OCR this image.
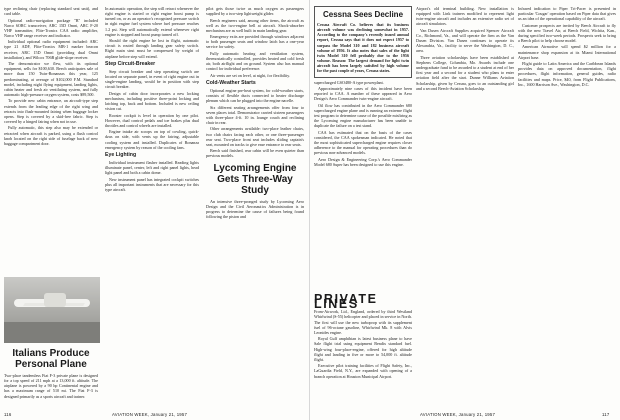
type reclining chair (replacing standard seat unit), and card table.

Optional radio-navigation package "B" included Narco 6ORC transceiver, ARC 15D Omni, ARC F-20 VHF transmitter, Flite-Tronics CAA radio amplifier, Narco VHF range receiver and indicator.

Individual optional radio equipment included: ARC type 21 ADF, Flite-Tronics MB-1 marker beacon receiver, ARC 15D Omni (providing dual Omni installation), and Wilcox 706B glide-slope receiver.

The demonstrator we flew, with its optional equipment, sells for $100,630. Beech anticipates sale of more than 150 Twin-Bonanzas this year, 125 predominating, at average of $102,000 F.M. Standard model, including night flying equipment, landing lights, cabin heater and fresh air ventilating system, and fully automatic high-pressure oxygen system, costs $89,500.

To provide new cabin entrance, an aircraft-type step extends from the leading edge of the right wing and retracts into flush-mounted fairing when baggage locker opens. Step is covered by a skid-free fabric. Step is covered by a hinged fairing when not in use.

Fully automatic, this step also may be extended or retracted when aircraft is parked, using a flush control knob located on the right side of fuselage back of new baggage compartment door.

Italians Produce Personal Plane

Two-place tandemless Fiat F-3 private plane is designed for a top speed of 211 mph at a 13,000 ft. altitude. The airplane is powered by a 90 hp Continental engine and has a maximum range of 510 mi. The Fiat F-3 is designed primarily as a sports aircraft and trainer.

In automatic operation, the step will retract whenever the right engine is started or right engine boost pump is turned on, or as an operator's recognized pressure switch in right engine fuel system where fuel pressure reaches 1.2 psi. Step will automatically extend whenever right engine is stopped and boost pump turned off.

Should the right engine be lost in flight, automatic circuit is routed through landing gear safety switch. Right main strut must be compressed by weight of airplane before step will extend.

Step Circuit-Breaker

Step circuit breaker and step operating switch are located on separate panel, in event of right engine out in single-engine landing, would be in position with step circuit breaker.

Design of cabin door incorporates a new locking mechanism, including positive three-point locking and latching top, back and bottom. Included is new ceiling vision cut.

Rooster cockpit is level in operation by one pilot. However, dual control pedals and toe brakes plus dual throttles and control wheels are installed.

Engine intake air scoops on top of cowling, quick-dzus on side, with vents up the fairing, adjustable cooling system and installed. Duplicates of Bonanza emergency system by reason of the cooling fans.

Eye Lighting

Individual instrument flasher installed. Reading lights illuminate panel, center, left and right panel lights, head light panel and both a cabin dome.

New instrument panel has integrated cockpit switches plus all important instruments that are necessary for this type aircraft.

pilot gets those twice as much oxygen as passengers supplied by a two-step lightweight glider.

Beech engineers said, among other items, the aircraft as well as the two-engine bell at aircraft. Shock-absorber mechanism are as well built in main landing gear.

Emergency exits are provided through windows adjacent to both passenger seats and window latch has a one-year service for safety.

Fully automatic heating and ventilation system, thermostatically controlled, provides heated and cold fresh air, both airflight and on ground. System also has manual control for individual preference.

Air vents are set on level, at night, for flexibility.

Cold-Weather Starts

Optional engine pre-heat system, for cold-weather starts, consists of flexible ducts connected to heater discharge plenum which can be plugged into the engine nacelle.

Six different seating arrangements offer from four to seven places total. Demonstrator carried sixteen passengers with three-place 4-ft. 10 in. lounge couch and reclining chair in rear.

Other arrangements available: two-place leather chairs, two club chairs facing each other, or one three-passenger rear seat. Two-place front seat includes sliding captain's seat, mounted on tracks to give ease entrance to rear seats.

Beech said finished, rear cabin will be even quieter than previous models.

Lycoming Engine Gets Three-Way Study

An intensive three-pronged study by Lycoming Aero Design and the Civil Aeronautics Administration is in progress to determine the cause of failures being found following the piston and

116	AVIATION WEEK, January 21, 1957
Cessna Sees Decline

Cessna Aircraft Co. believes that its business aircraft volume was declining somewhat in 1957. According to the company's recently issued annual report, Cessna says that it does not expect 1957 to surpass the Model 310 and 182 business aircraft volume of 1956. It also notes that sales of the light twin Model 310 fell probably due to the 1956 volume. Reason: The largest demand for light twin aircraft has been largely satisfied by high volume for the past couple of years, Cessna states.

supercharged GSO480-A type powerplant.

Approximately nine cases of this incident have been reported to CAA. A number of these appeared in Aero Design's Aero Commander twin-engine aircraft.

Oil flow has contributed in the Aero Commander 680 supercharged engine plane and is running an extreme flight test program to determine cause of the possible misfiring as the Lycoming engine manufacturer has been unable to duplicate the failure on a test stand.

CAA has estimated that on the basis of the cases considered, the CAA spokesman indicated. He noted that the most sophisticated supercharged engine requires closer adherence to the manual for operating procedures than do previous non-advanced models.

Aero Design & Engineering Corp.'s Aero Commander Model 680 Super has been designed to use this engine.

PRIVATE LINES

From-Airwork, Ltd., England, ordered by third Westland Whirlwind (S-55) helicopter and placed in service in North. The first will use the new turboprop with its supplement fuel of 96-octane gasoline, Whirlwind Mk. 8 with Alvis Leonides engine.

Royal Gulf amphibian is latest business plane to have Sale flight trial using equipment Bendix standard fuel. High-wing four-place-engine, offered for high altitude flight and landing in five or more to 54,000 ft. altitude flight.

Executive pilot training facilities of Flight Safety, Inc., LaGuardia Field, N.Y., are expanded with opening of a branch operation at Houston Municipal Airport.

Airport's old terminal building. New installation is equipped with Link trainers modified to represent light twin-engine aircraft and includes an extensive radio set of aircraft simulators.

Van Dusen Aircraft Supplies acquired Spencer Aircraft Co., Richmond, Va., and will operate the firm as the Van Dusen Division. Van Dusen continues to operate its Alexandria, Va., facility to serve the Washington, D. C., area.

Three aviation scholarships have been established at Stephens College, Columbia, Mo. Awards include one undergraduate fund to be awarded to a student at end of her first year and a second for a student who plans to enter aviation field after the start. Dunne Williams Aviation Scholarship, given by Cessna, goes to an outstanding girl and a second Beech-Aviation Scholarship.

Infrared indication to Piper Tri-Pacer is presented in particular 'Cougar' operation based on Piper data that gives us an idea of the operational capability of the aircraft.

Customer prospects are invited by Beech Aircraft to fly with the new Travel Air, at Beech Field, Wichita, Kan., during specified two-week periods. Prospects seek to bring a Beech pilot to help choose model.

American Airmotive will spend $2 million for a maintenance shop expansion at its Miami International Airport base.

Flight guide to Latin America and the Caribbean Islands provides data on approved documentation, flight procedures, flight information, general guides, radio facilities and maps. Price, $40, from Flight Publications, Inc., 1600 Harrison Ave., Washington, D.C.

AVIATION WEEK, January 21, 1957	117
